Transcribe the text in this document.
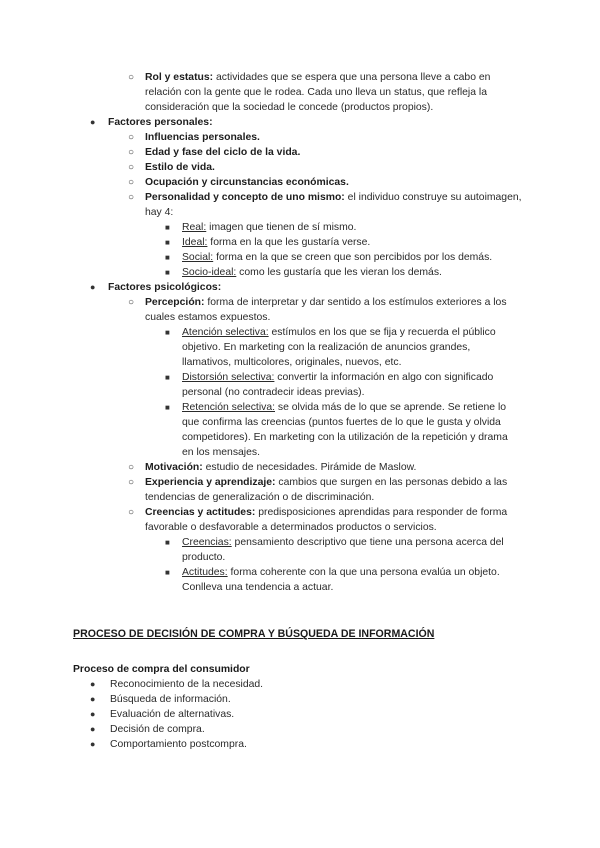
○ Rol y estatus: actividades que se espera que una persona lleve a cabo en relación con la gente que le rodea. Cada uno lleva un status, que refleja la consideración que la sociedad le concede (productos propios).
● Factores personales:
○ Influencias personales.
○ Edad y fase del ciclo de la vida.
○ Estilo de vida.
○ Ocupación y circunstancias económicas.
○ Personalidad y concepto de uno mismo: el individuo construye su autoimagen, hay 4:
■ Real: imagen que tienen de sí mismo.
■ Ideal: forma en la que les gustaría verse.
■ Social: forma en la que se creen que son percibidos por los demás.
■ Socio-ideal: como les gustaría que les vieran los demás.
● Factores psicológicos:
○ Percepción: forma de interpretar y dar sentido a los estímulos exteriores a los cuales estamos expuestos.
■ Atención selectiva: estímulos en los que se fija y recuerda el público objetivo. En marketing con la realización de anuncios grandes, llamativos, multicolores, originales, nuevos, etc.
■ Distorsión selectiva: convertir la información en algo con significado personal (no contradecir ideas previas).
■ Retención selectiva: se olvida más de lo que se aprende. Se retiene lo que confirma las creencias (puntos fuertes de lo que le gusta y olvida competidores). En marketing con la utilización de la repetición y drama en los mensajes.
○ Motivación: estudio de necesidades. Pirámide de Maslow.
○ Experiencia y aprendizaje: cambios que surgen en las personas debido a las tendencias de generalización o de discriminación.
○ Creencias y actitudes: predisposiciones aprendidas para responder de forma favorable o desfavorable a determinados productos o servicios.
■ Creencias: pensamiento descriptivo que tiene una persona acerca del producto.
■ Actitudes: forma coherente con la que una persona evalúa un objeto. Conlleva una tendencia a actuar.
PROCESO DE DECISIÓN DE COMPRA Y BÚSQUEDA DE INFORMACIÓN
Proceso de compra del consumidor
● Reconocimiento de la necesidad.
● Búsqueda de información.
● Evaluación de alternativas.
● Decisión de compra.
● Comportamiento postcompra.
